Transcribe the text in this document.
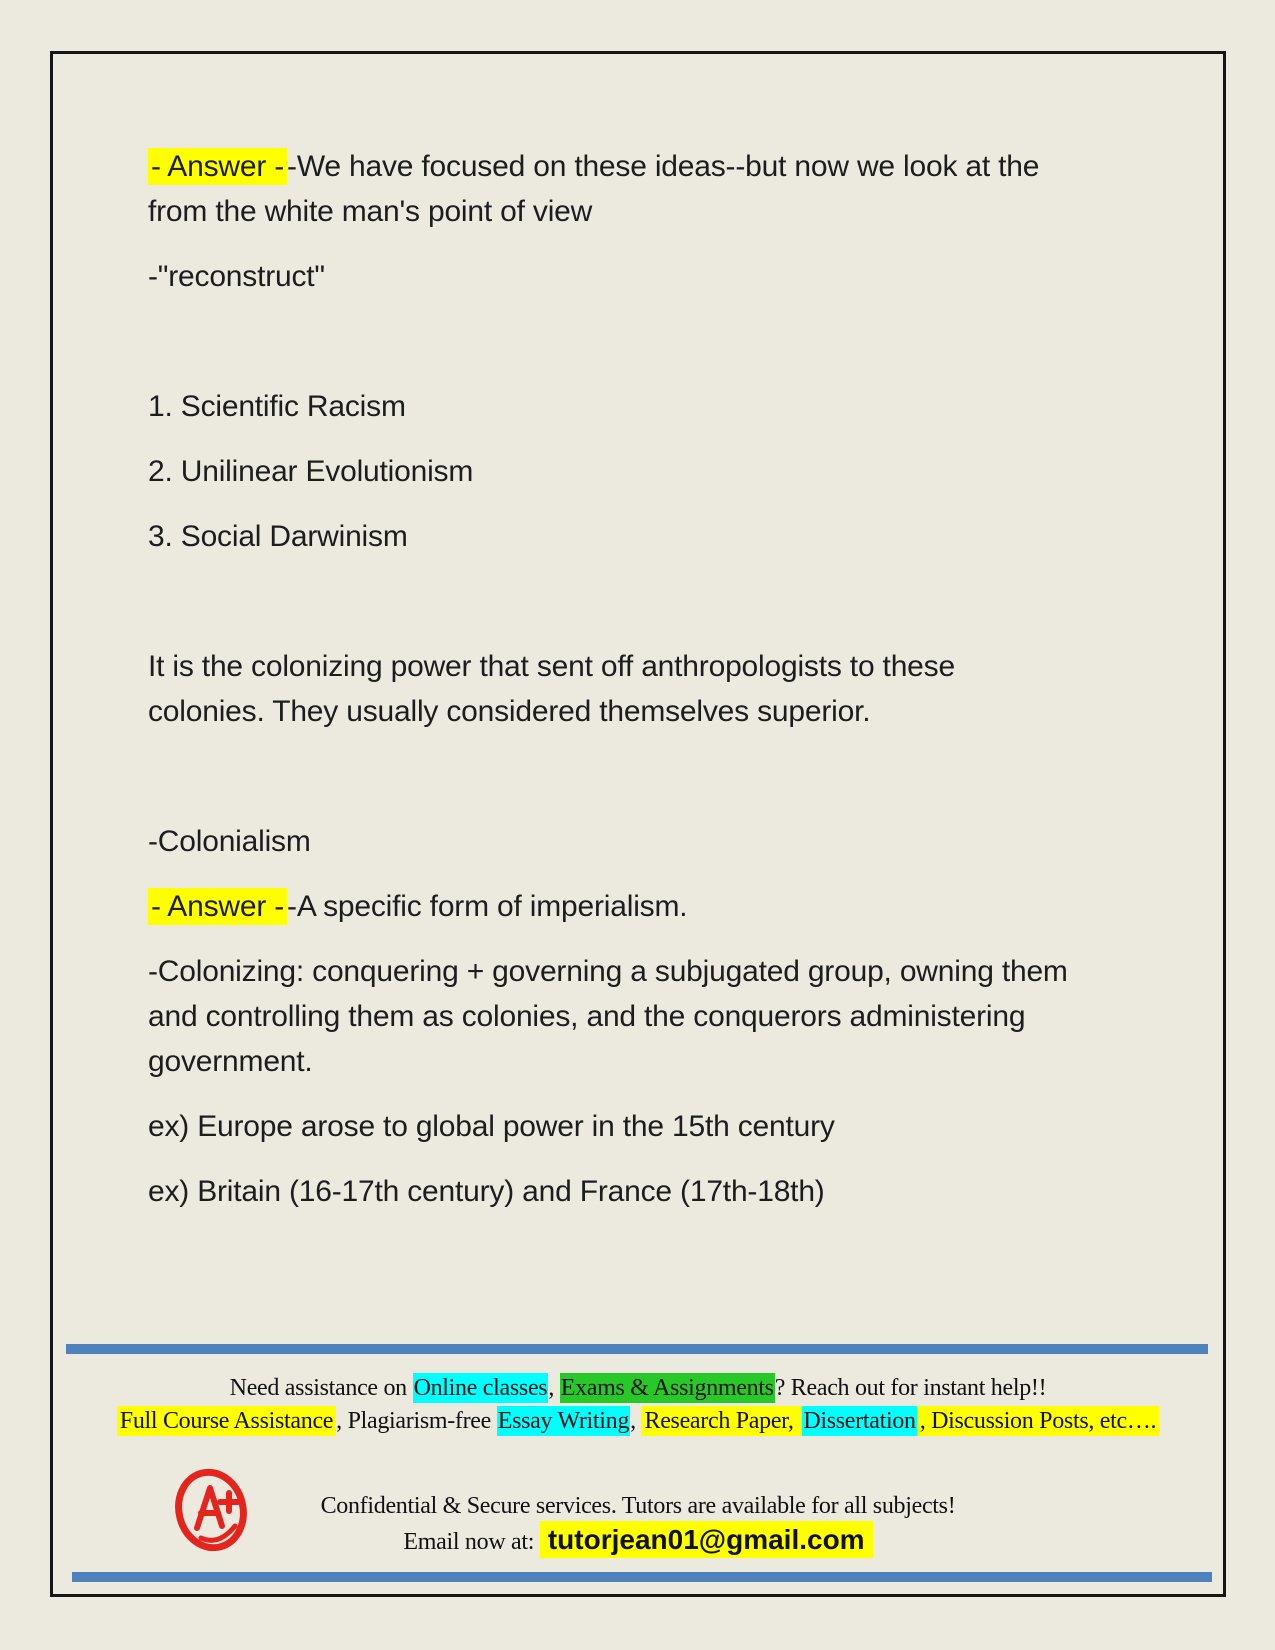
- Answer - -We have focused on these ideas--but now we look at the
from the white man's point of view
-"reconstruct"
1. Scientific Racism
2. Unilinear Evolutionism
3. Social Darwinism
It is the colonizing power that sent off anthropologists to these
colonies. They usually considered themselves superior.
-Colonialism
- Answer - -A specific form of imperialism.
-Colonizing: conquering + governing a subjugated group, owning them
and controlling them as colonies, and the conquerors administering
government.
ex) Europe arose to global power in the 15th century
ex) Britain (16-17th century) and France (17th-18th)
Need assistance on Online classes, Exams & Assignments? Reach out for instant help!!
Full Course Assistance , Plagiarism-free Essay Writing, Research Paper, Dissertation , Discussion Posts, etc….
Confidential & Secure services. Tutors are available for all subjects!
Email now at: tutorjean01@gmail.com
